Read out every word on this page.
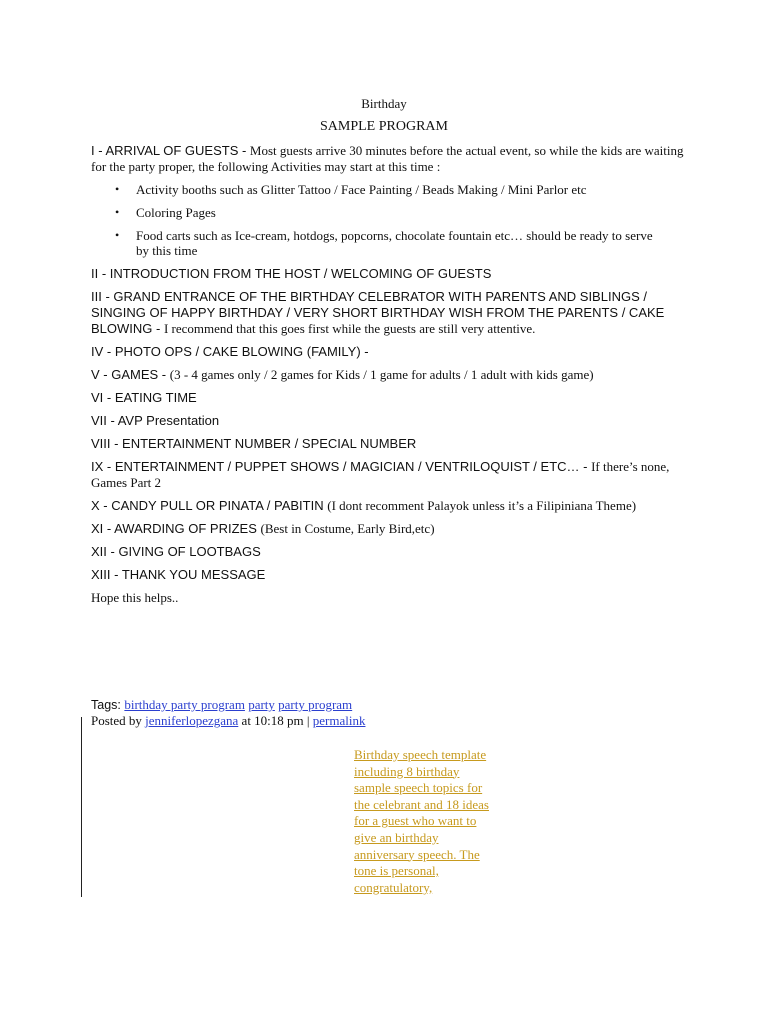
Birthday
SAMPLE PROGRAM

I - ARRIVAL OF GUESTS - Most guests arrive 30 minutes before the actual event, so while the kids are waiting for the party proper, the following Activities may start at this time :

• Activity booths such as Glitter Tattoo / Face Painting / Beads Making / Mini Parlor etc
• Coloring Pages
• Food carts such as Ice-cream, hotdogs, popcorns, chocolate fountain etc… should be ready to serve by this time

II - INTRODUCTION FROM THE HOST / WELCOMING OF GUESTS

III - GRAND ENTRANCE OF THE BIRTHDAY CELEBRATOR WITH PARENTS AND SIBLINGS / SINGING OF HAPPY BIRTHDAY / VERY SHORT BIRTHDAY WISH FROM THE PARENTS / CAKE BLOWING - I recommend that this goes first while the guests are still very attentive.

IV - PHOTO OPS / CAKE BLOWING (FAMILY) -

V - GAMES - (3 - 4 games only / 2 games for Kids / 1 game for adults / 1 adult with kids game)

VI - EATING TIME

VII - AVP Presentation

VIII - ENTERTAINMENT NUMBER / SPECIAL NUMBER

IX - ENTERTAINMENT / PUPPET SHOWS / MAGICIAN / VENTRILOQUIST / ETC… - If there’s none, Games Part 2

X - CANDY PULL OR PINATA / PABITIN (I dont recomment Palayok unless it’s a Filipiniana Theme)

XI - AWARDING OF PRIZES (Best in Costume, Early Bird,etc)

XII - GIVING OF LOOTBAGS

XIII - THANK YOU MESSAGE

Hope this helps..

Tags: birthday party program party party program
Posted by jenniferlopezgana at 10:18 pm | permalink
Birthday speech template
including 8 birthday
sample speech topics for
the celebrant and 18 ideas
for a guest who want to
give an birthday
anniversary speech. The
tone is personal,
congratulatory,
